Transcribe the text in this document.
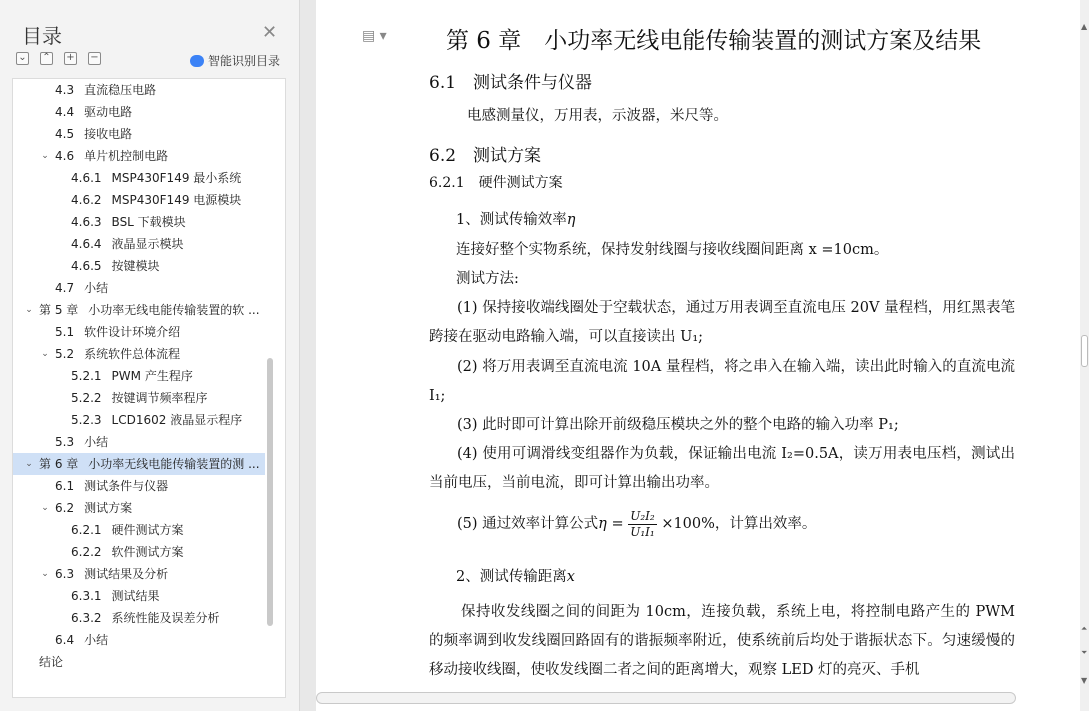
目录	✕
⌄ ⌃ + −	智能识别目录
4.3 直流稳压电路
4.4 驱动电路
4.5 接收电路
⌄ 4.6 单片机控制电路
4.6.1 MSP430F149 最小系统
4.6.2 MSP430F149 电源模块
4.6.3 BSL 下载模块
4.6.4 液晶显示模块
4.6.5 按键模块
4.7 小结
⌄ 第 5 章 小功率无线电能传输装置的软 ...
5.1 软件设计环境介绍
⌄ 5.2 系统软件总体流程
5.2.1 PWM 产生程序
5.2.2 按键调节频率程序
5.2.3 LCD1602 液晶显示程序
5.3 小结
⌄ 第 6 章 小功率无线电能传输装置的测 ...
6.1 测试条件与仪器
⌄ 6.2 测试方案
6.2.1 硬件测试方案
6.2.2 软件测试方案
⌄ 6.3 测试结果及分析
6.3.1 测试结果
6.3.2 系统性能及误差分析
6.4 小结
结论
▤ ▾	第 6 章　小功率无线电能传输装置的测试方案及结果
6.1　测试条件与仪器
电感测量仪，万用表，示波器，米尺等。
6.2　测试方案
6.2.1　硬件测试方案
1、测试传输效率η
连接好整个实物系统，保持发射线圈与接收线圈间距离 x =10cm。
测试方法:
(1) 保持接收端线圈处于空载状态，通过万用表调至直流电压 20V 量程档，用红黑表笔跨接在驱动电路输入端，可以直接读出 U₁;
(2) 将万用表调至直流电流 10A 量程档，将之串入在输入端，读出此时输入的直流电流 I₁;
(3) 此时即可计算出除开前级稳压模块之外的整个电路的输入功率 P₁;
(4) 使用可调滑线变组器作为负载，保证输出电流 I₂=0.5A，读万用表电压档，测试出当前电压，当前电流，即可计算出输出功率。
(5) 通过效率计算公式$\eta = \frac{\text{U₂I₂}}{\text{U₁I₁}} \times 100\%$，计算出效率。
2、测试传输距离x
保持收发线圈之间的间距为 10cm，连接负载，系统上电，将控制电路产生的 PWM 的频率调到收发线圈回路固有的谐振频率附近，使系统前后均处于谐振状态下。匀速缓慢的移动接收线圈，使收发线圈二者之间的距离增大，观察 LED 灯的亮灭、手机
▲
⏶
⏷
▼
